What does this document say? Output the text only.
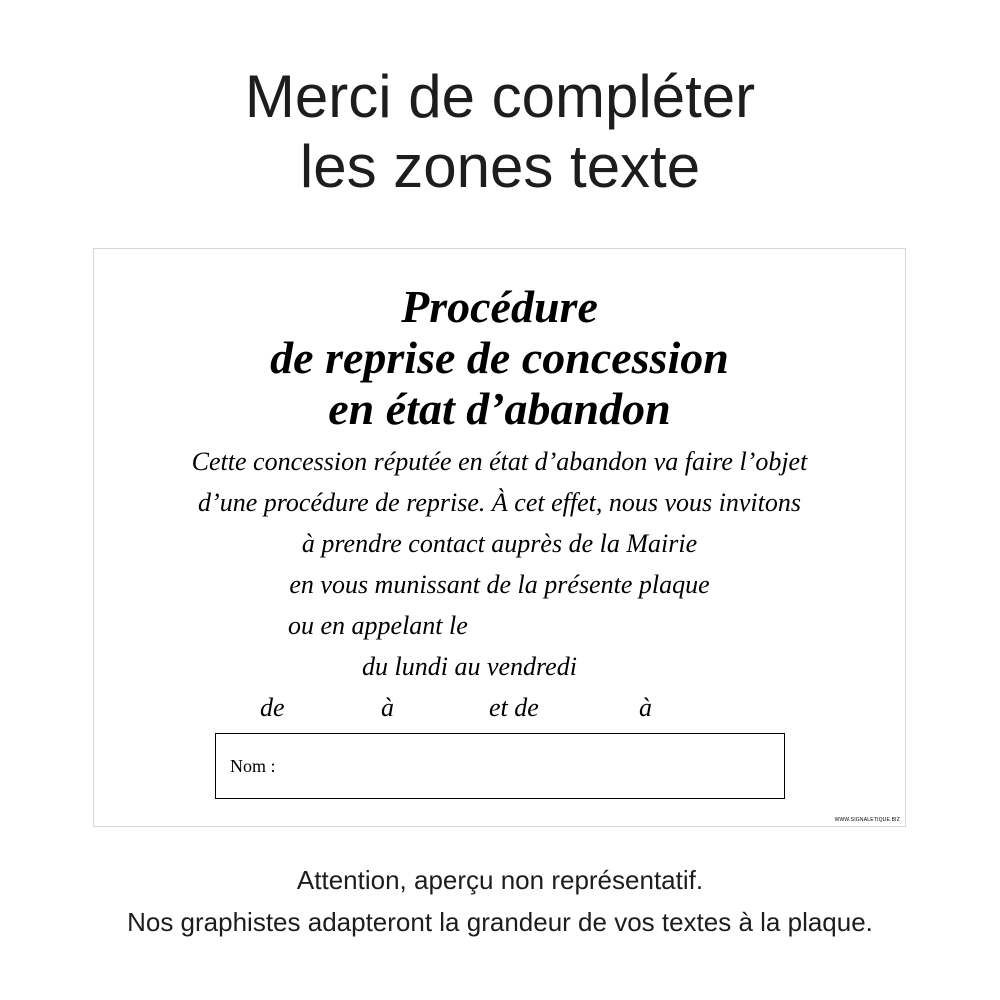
Merci de compléter
les zones texte
Procédure
de reprise de concession
en état d’abandon
Cette concession réputée en état d’abandon va faire l’objet
d’une procédure de reprise. À cet effet, nous vous invitons
à prendre contact auprès de la Mairie
en vous munissant de la présente plaque
ou en appelant le
du lundi au vendredi
de	à	et de	à
Nom :
WWW.SIGNALETIQUE.BIZ
Attention, aperçu non représentatif.
Nos graphistes adapteront la grandeur de vos textes à la plaque.
